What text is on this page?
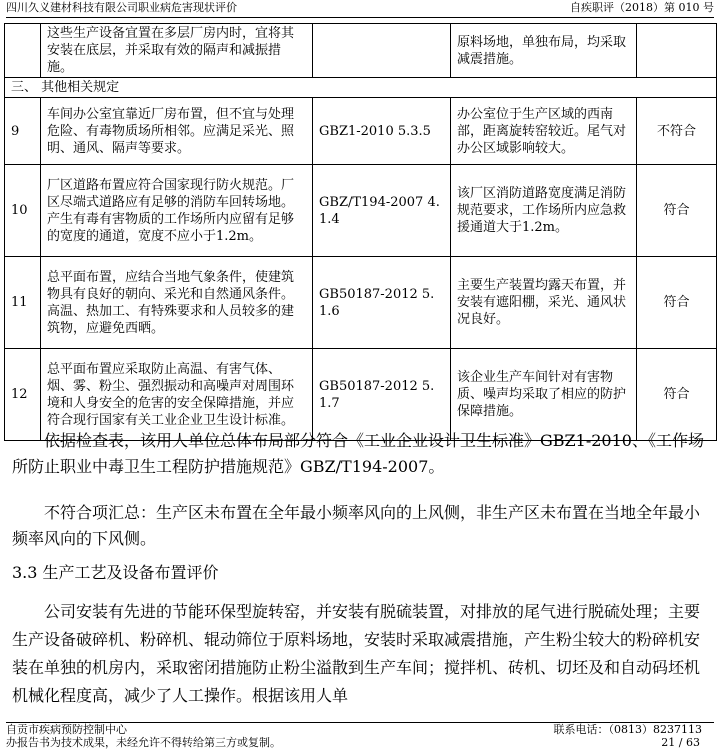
四川久义建材科技有限公司职业病危害现状评价	自疾职评（2018）第 010 号
	这些生产设备宜置在多层厂房内时，宜将其安装在底层，并采取有效的隔声和减振措施。		原料场地，单独布局，均采取减震措施。	
三、 其他相关规定				
9	车间办公室宜靠近厂房布置，但不宜与处理危险、有毒物质场所相邻。应满足采光、照明、通风、隔声等要求。	GBZ1-2010 5.3.5	办公室位于生产区域的西南部，距离旋转窑较近。尾气对办公区域影响较大。	不符合
10	厂区道路布置应符合国家现行防火规范。厂区尽端式道路应有足够的消防车回转场地。产生有毒有害物质的工作场所内应留有足够的宽度的通道，宽度不应小于1.2m。	GBZ/T194-2007 4.1.4	该厂区消防道路宽度满足消防规范要求，工作场所内应急救援通道大于1.2m。	符合
11	总平面布置，应结合当地气象条件，使建筑物具有良好的朝向、采光和自然通风条件。高温、热加工、有特殊要求和人员较多的建筑物，应避免西晒。	GB50187-2012 5.1.6	主要生产装置均露天布置，并安装有遮阳棚，采光、通风状况良好。	符合
12	总平面布置应采取防止高温、有害气体、烟、雾、粉尘、强烈振动和高噪声对周围环境和人身安全的危害的安全保障措施，并应符合现行国家有关工业企业卫生设计标准。	GB50187-2012 5.1.7	该企业生产车间针对有害物质、噪声均采取了相应的防护保障措施。	符合
依据检查表，该用人单位总体布局部分符合《工业企业设计卫生标准》GBZ1-2010、《工作场所防止职业中毒卫生工程防护措施规范》GBZ/T194-2007。
不符合项汇总：生产区未布置在全年最小频率风向的上风侧，非生产区未布置在当地全年最小频率风向的下风侧。
3.3 生产工艺及设备布置评价
公司安装有先进的节能环保型旋转窑，并安装有脱硫装置，对排放的尾气进行脱硫处理；主要生产设备破碎机、粉碎机、辊动筛位于原料场地，安装时采取减震措施，产生粉尘较大的粉碎机安装在单独的机房内，采取密闭措施防止粉尘溢散到生产车间；搅拌机、砖机、切坯及和自动码坯机机械化程度高，减少了人工操作。根据该用人单
自贡市疾病预防控制中心	联系电话：（0813）8237113
办报告书为技术成果，未经允许不得转给第三方或复制。	21 / 63
